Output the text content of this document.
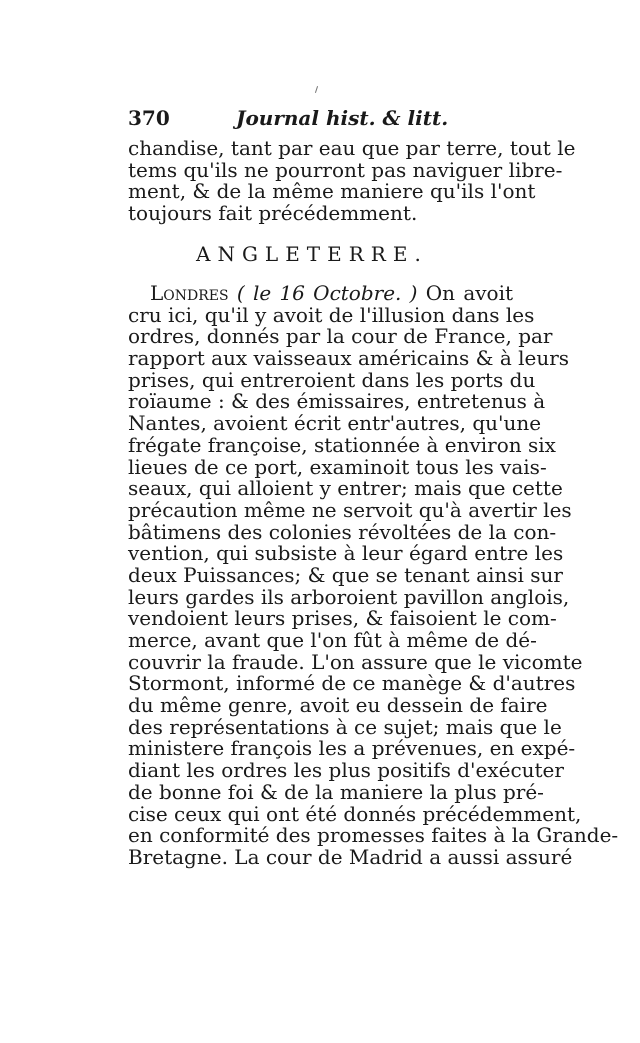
370	Journal hist. & litt.
chandise, tant par eau que par terre, tout le
tems qu'ils ne pourront pas naviguer libre-
ment, & de la même maniere qu'ils l'ont
toujours fait précédemment.
ANGLETERRE.
Londres ( le 16 Octobre. ) On avoit
cru ici, qu'il y avoit de l'illusion dans les
ordres, donnés par la cour de France, par
rapport aux vaisseaux américains & à leurs
prises, qui entreroient dans les ports du
roïaume : & des émissaires, entretenus à
Nantes, avoient écrit entr'autres, qu'une
frégate françoise, stationnée à environ six
lieues de ce port, examinoit tous les vais-
seaux, qui alloient y entrer; mais que cette
précaution même ne servoit qu'à avertir les
bâtimens des colonies révoltées de la con-
vention, qui subsiste à leur égard entre les
deux Puissances; & que se tenant ainsi sur
leurs gardes ils arboroient pavillon anglois,
vendoient leurs prises, & faisoient le com-
merce, avant que l'on fût à même de dé-
couvrir la fraude. L'on assure que le vicomte
Stormont, informé de ce manège & d'autres
du même genre, avoit eu dessein de faire
des représentations à ce sujet; mais que le
ministere françois les a prévenues, en expé-
diant les ordres les plus positifs d'exécuter
de bonne foi & de la maniere la plus pré-
cise ceux qui ont été donnés précédemment,
en conformité des promesses faites à la Grande-
Bretagne. La cour de Madrid a aussi assuré
